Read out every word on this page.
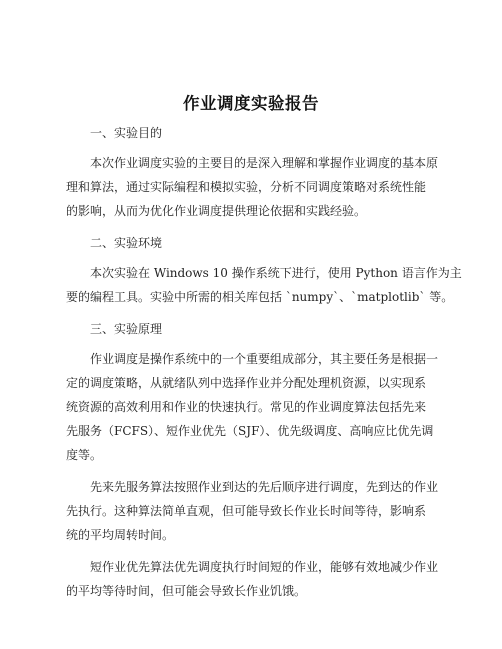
作业调度实验报告

一、实验目的

本次作业调度实验的主要目的是深入理解和掌握作业调度的基本原

理和算法，通过实际编程和模拟实验，分析不同调度策略对系统性能

的影响，从而为优化作业调度提供理论依据和实践经验。

二、实验环境

本次实验在 Windows 10 操作系统下进行，使用 Python 语言作为主

要的编程工具。实验中所需的相关库包括 `numpy`、`matplotlib` 等。

三、实验原理

作业调度是操作系统中的一个重要组成部分，其主要任务是根据一

定的调度策略，从就绪队列中选择作业并分配处理机资源，以实现系

统资源的高效利用和作业的快速执行。常见的作业调度算法包括先来

先服务（FCFS）、短作业优先（SJF）、优先级调度、高响应比优先调

度等。

先来先服务算法按照作业到达的先后顺序进行调度，先到达的作业

先执行。这种算法简单直观，但可能导致长作业长时间等待，影响系

统的平均周转时间。

短作业优先算法优先调度执行时间短的作业，能够有效地减少作业

的平均等待时间，但可能会导致长作业饥饿。
